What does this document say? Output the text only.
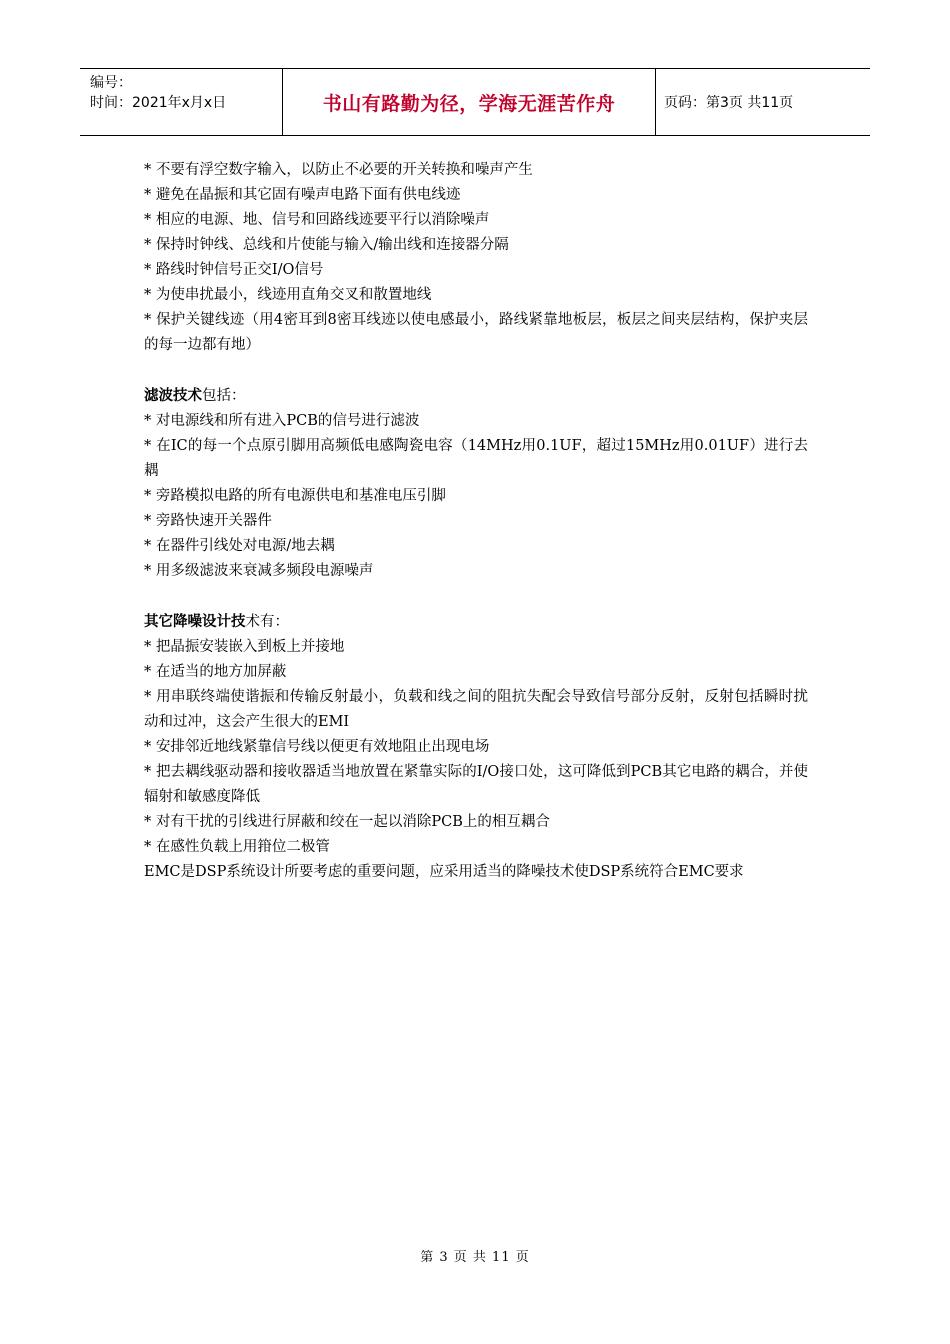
编号：
时间：2021年x月x日	书山有路勤为径，学海无涯苦作舟	页码：第3页 共11页

* 不要有浮空数字输入，以防止不必要的开关转换和噪声产生

* 避免在晶振和其它固有噪声电路下面有供电线迹

* 相应的电源、地、信号和回路线迹要平行以消除噪声

* 保持时钟线、总线和片使能与输入/输出线和连接器分隔

* 路线时钟信号正交I/O信号

* 为使串扰最小，线迹用直角交叉和散置地线

* 保护关键线迹（用4密耳到8密耳线迹以使电感最小，路线紧靠地板层，板层之间夹层结构，保护夹层的每一边都有地）

滤波技术包括：

* 对电源线和所有进入PCB的信号进行滤波

* 在IC的每一个点原引脚用高频低电感陶瓷电容（14MHz用0.1UF，超过15MHz用0.01UF）进行去耦

* 旁路模拟电路的所有电源供电和基准电压引脚

* 旁路快速开关器件

* 在器件引线处对电源/地去耦

* 用多级滤波来衰减多频段电源噪声

其它降噪设计技术有：

* 把晶振安装嵌入到板上并接地

* 在适当的地方加屏蔽

* 用串联终端使谐振和传输反射最小，负载和线之间的阻抗失配会导致信号部分反射，反射包括瞬时扰动和过冲，这会产生很大的EMI

* 安排邻近地线紧靠信号线以便更有效地阻止出现电场

* 把去耦线驱动器和接收器适当地放置在紧靠实际的I/O接口处，这可降低到PCB其它电路的耦合，并使辐射和敏感度降低

* 对有干扰的引线进行屏蔽和绞在一起以消除PCB上的相互耦合

* 在感性负载上用箝位二极管

EMC是DSP系统设计所要考虑的重要问题，应采用适当的降噪技术使DSP系统符合EMC要求

第 3 页 共 11 页
